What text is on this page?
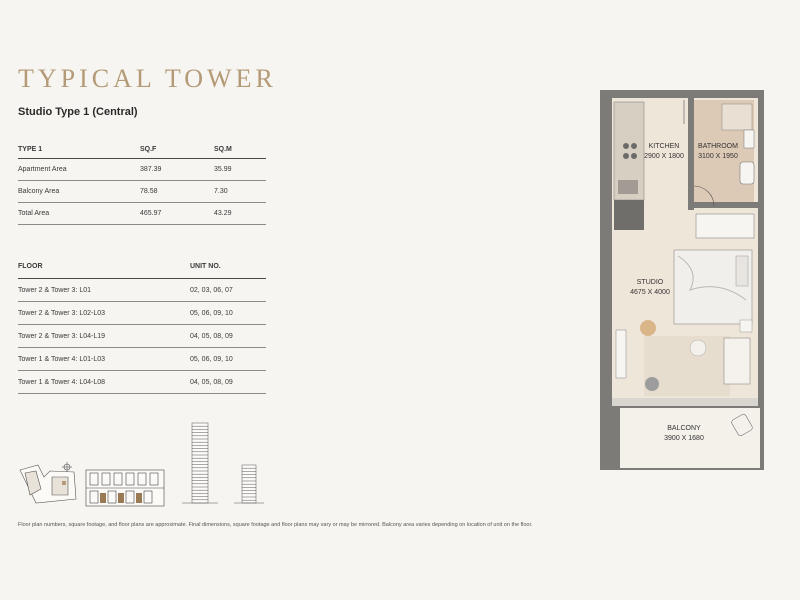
TYPICAL TOWER
Studio Type 1 (Central)
TYPE 1	SQ.F	SQ.M
Apartment Area	387.39	35.99
Balcony Area	78.58	7.30
Total Area	465.97	43.29
FLOOR	UNIT NO.
Tower 2 & Tower 3: L01	02, 03, 06, 07
Tower 2 & Tower 3: L02-L03	05, 06, 09, 10
Tower 2 & Tower 3: L04-L19	04, 05, 08, 09
Tower 1 & Tower 4: L01-L03	05, 06, 09, 10
Tower 1 & Tower 4: L04-L08	04, 05, 08, 09
KITCHEN
2900 X 1800
BATHROOM
3100 X 1950
STUDIO
4675 X 4000
BALCONY
3900 X 1680

Floor plan numbers, square footage, and floor plans are approximate. Final dimensions, square footage and floor plans may vary or may be mirrored. Balcony area varies depending on location of unit on the floor.
